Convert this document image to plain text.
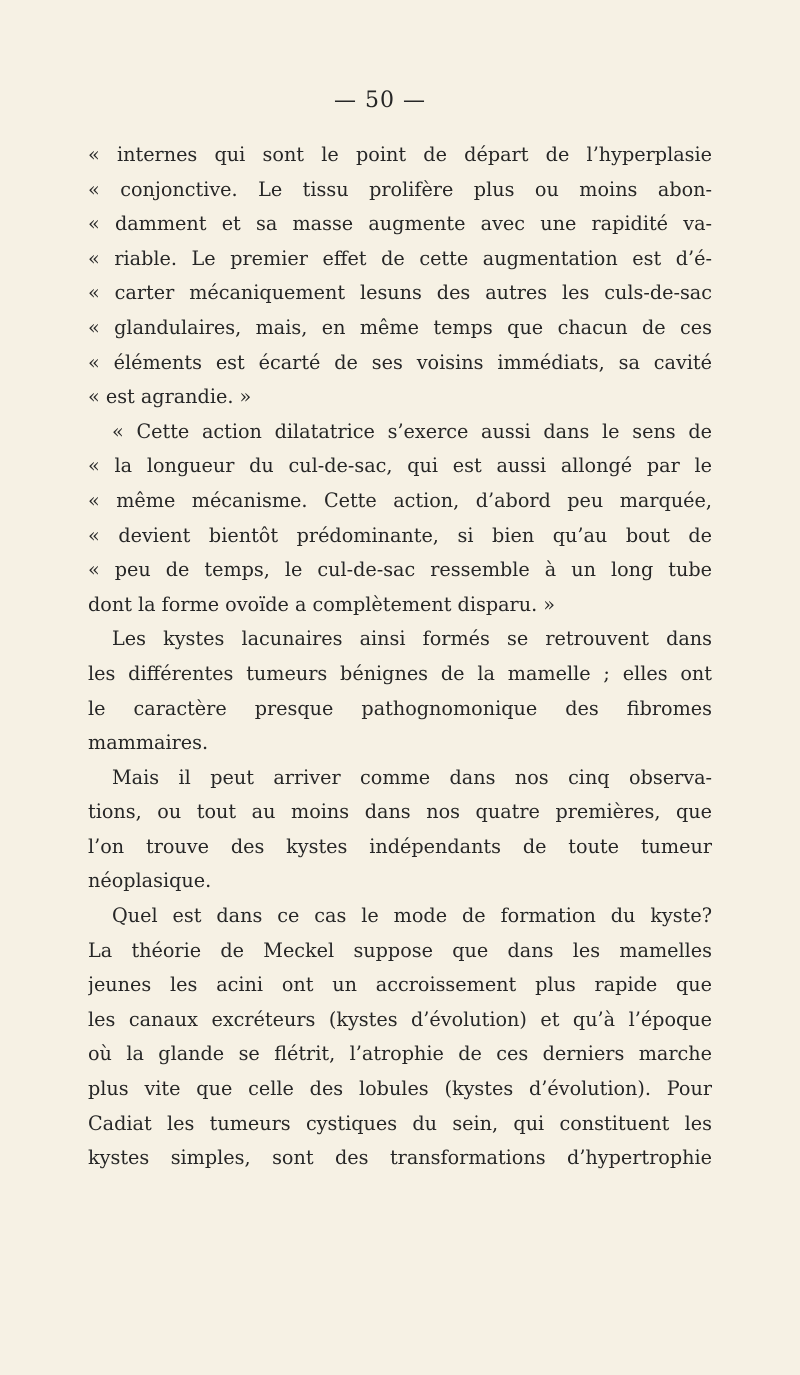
— 50 —
« internes qui sont le point de départ de l’hyperplasie
« conjonctive. Le tissu prolifère plus ou moins abon-
« damment et sa masse augmente avec une rapidité va-
« riable. Le premier effet de cette augmentation est d’é-
« carter mécaniquement lesuns des autres les culs-de-sac
« glandulaires, mais, en même temps que chacun de ces
« éléments est écarté de ses voisins immédiats, sa cavité
« est agrandie. »
« Cette action dilatatrice s’exerce aussi dans le sens de
« la longueur du cul-de-sac, qui est aussi allongé par le
« même mécanisme. Cette action, d’abord peu marquée,
« devient bientôt prédominante, si bien qu’au bout de
« peu de temps, le cul-de-sac ressemble à un long tube
dont la forme ovoïde a complètement disparu. »
Les kystes lacunaires ainsi formés se retrouvent dans
les différentes tumeurs bénignes de la mamelle ; elles ont
le caractère presque pathognomonique des fibromes
mammaires.
Mais il peut arriver comme dans nos cinq observa-
tions, ou tout au moins dans nos quatre premières, que
l’on trouve des kystes indépendants de toute tumeur
néoplasique.
Quel est dans ce cas le mode de formation du kyste?
La théorie de Meckel suppose que dans les mamelles
jeunes les acini ont un accroissement plus rapide que
les canaux excréteurs (kystes d’évolution) et qu’à l’époque
où la glande se flétrit, l’atrophie de ces derniers marche
plus vite que celle des lobules (kystes d’évolution). Pour
Cadiat les tumeurs cystiques du sein, qui constituent les
kystes simples, sont des transformations d’hypertrophie
